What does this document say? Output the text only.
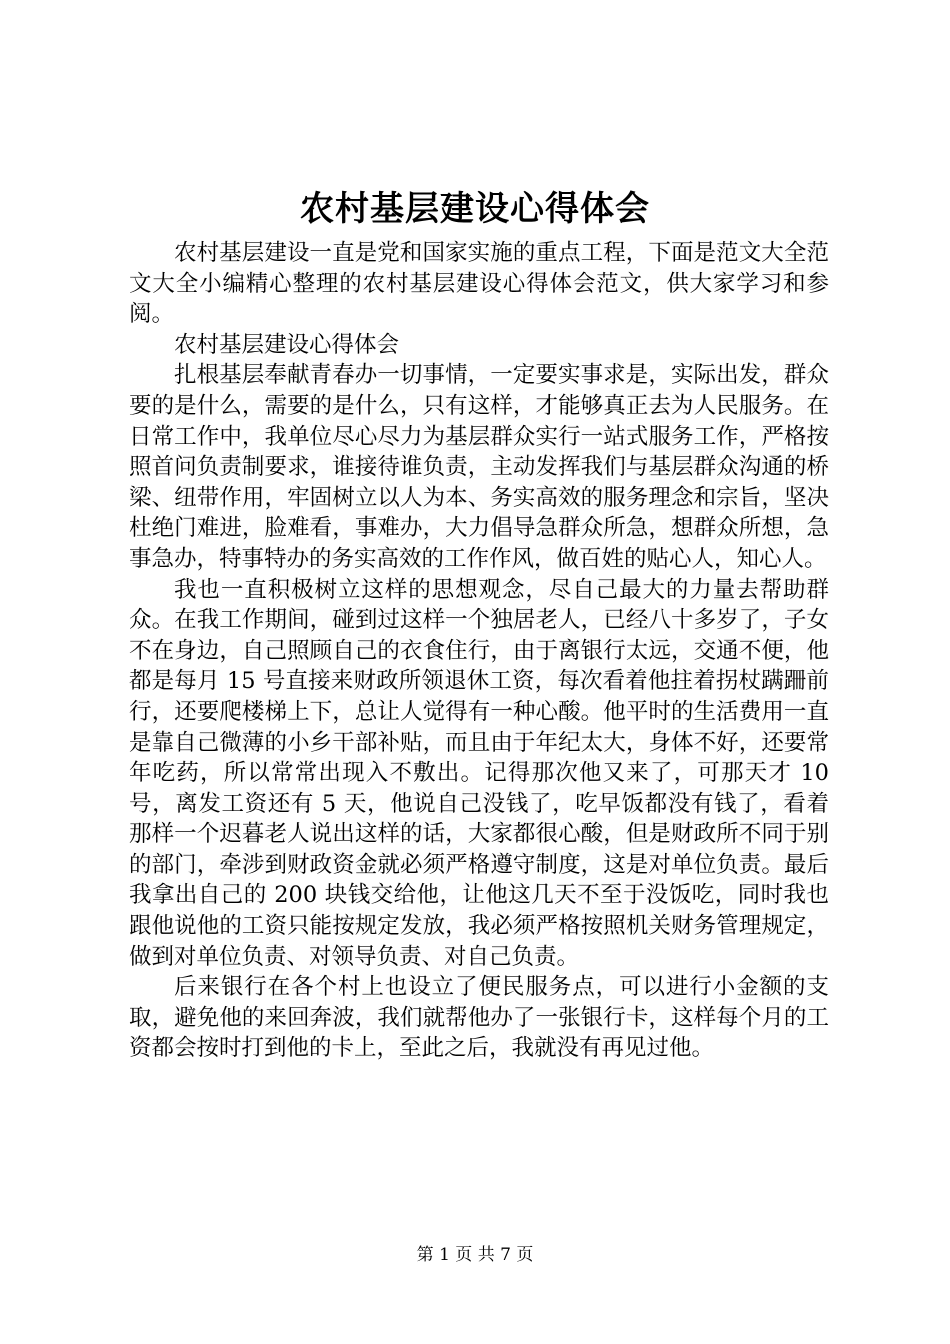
农村基层建设心得体会

农村基层建设一直是党和国家实施的重点工程，下面是范文大全范文大全小编精心整理的农村基层建设心得体会范文，供大家学习和参阅。

农村基层建设心得体会

扎根基层奉献青春办一切事情，一定要实事求是，实际出发，群众要的是什么，需要的是什么，只有这样，才能够真正去为人民服务。在日常工作中，我单位尽心尽力为基层群众实行一站式服务工作，严格按照首问负责制要求，谁接待谁负责，主动发挥我们与基层群众沟通的桥梁、纽带作用，牢固树立以人为本、务实高效的服务理念和宗旨，坚决杜绝门难进，脸难看，事难办，大力倡导急群众所急，想群众所想，急事急办，特事特办的务实高效的工作作风，做百姓的贴心人，知心人。

我也一直积极树立这样的思想观念，尽自己最大的力量去帮助群众。在我工作期间，碰到过这样一个独居老人，已经八十多岁了，子女不在身边，自己照顾自己的衣食住行，由于离银行太远，交通不便，他都是每月 15 号直接来财政所领退休工资，每次看着他拄着拐杖蹒跚前行，还要爬楼梯上下，总让人觉得有一种心酸。他平时的生活费用一直是靠自己微薄的小乡干部补贴，而且由于年纪太大，身体不好，还要常年吃药，所以常常出现入不敷出。记得那次他又来了，可那天才 10 号，离发工资还有 5 天，他说自己没钱了，吃早饭都没有钱了，看着那样一个迟暮老人说出这样的话，大家都很心酸，但是财政所不同于别的部门，牵涉到财政资金就必须严格遵守制度，这是对单位负责。最后我拿出自己的 200 块钱交给他，让他这几天不至于没饭吃，同时我也跟他说他的工资只能按规定发放，我必须严格按照机关财务管理规定，做到对单位负责、对领导负责、对自己负责。

后来银行在各个村上也设立了便民服务点，可以进行小金额的支取，避免他的来回奔波，我们就帮他办了一张银行卡，这样每个月的工资都会按时打到他的卡上，至此之后，我就没有再见过他。

第 1 页 共 7 页
